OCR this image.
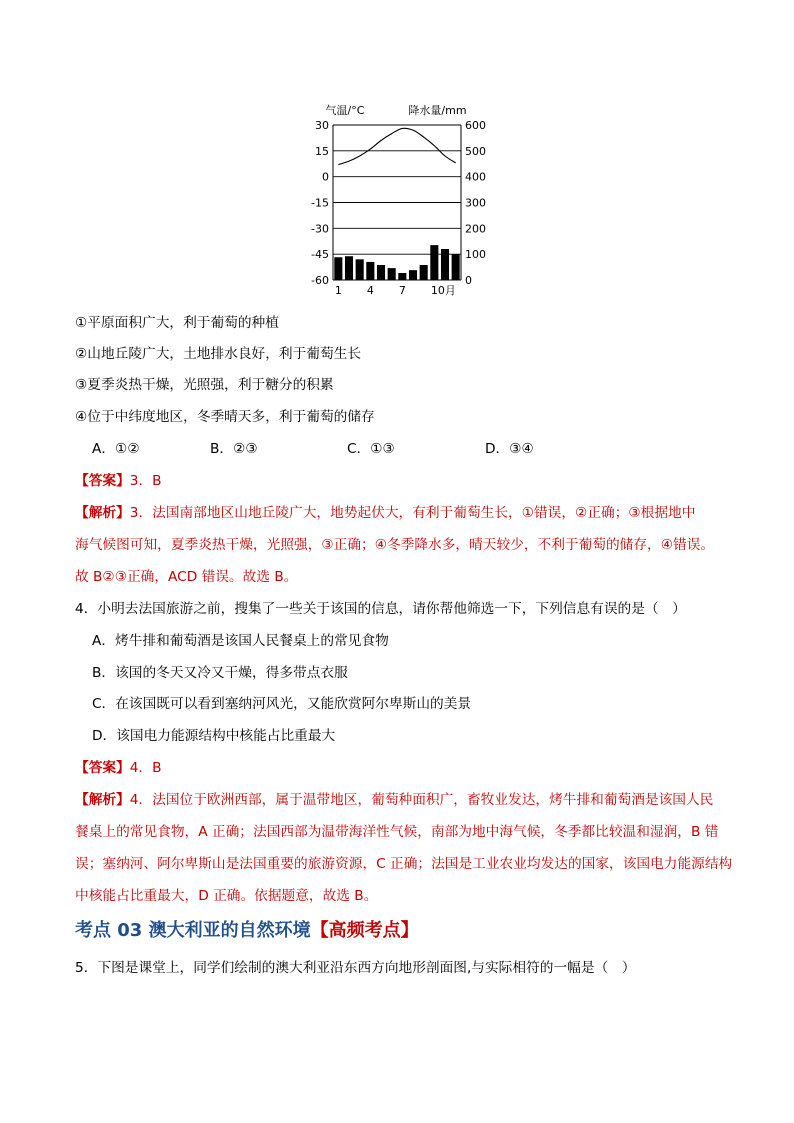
30
15
0
-15
-30
-45
-60
600
500
400
300
200
100
0
1 4 7 10月
气温/°C	降水量/mm
①平原面积广大，利于葡萄的种植
②山地丘陵广大，土地排水良好，利于葡萄生长
③夏季炎热干燥，光照强，利于糖分的积累
④位于中纬度地区，冬季晴天多，利于葡萄的储存
A．①②	B．②③	C．①③	D．③④
【答案】3．B
【解析】3．法国南部地区山地丘陵广大，地势起伏大，有利于葡萄生长，①错误，②正确；③根据地中
海气候图可知，夏季炎热干燥，光照强，③正确；④冬季降水多，晴天较少，不利于葡萄的储存，④错误。
故 B②③正确，ACD 错误。故选 B。
4．小明去法国旅游之前，搜集了一些关于该国的信息，请你帮他筛选一下，下列信息有误的是（　）
A．烤牛排和葡萄酒是该国人民餐桌上的常见食物
B．该国的冬天又冷又干燥，得多带点衣服
C．在该国既可以看到塞纳河风光，又能欣赏阿尔卑斯山的美景
D．该国电力能源结构中核能占比重最大
【答案】4．B
【解析】4．法国位于欧洲西部，属于温带地区，葡萄种面积广，畜牧业发达，烤牛排和葡萄酒是该国人民
餐桌上的常见食物，A 正确；法国西部为温带海洋性气候，南部为地中海气候，冬季都比较温和湿润，B 错
误；塞纳河、阿尔卑斯山是法国重要的旅游资源，C 正确；法国是工业农业均发达的国家，该国电力能源结构
中核能占比重最大，D 正确。依据题意，故选 B。
考点 03 澳大利亚的自然环境【高频考点】
5．下图是课堂上，同学们绘制的澳大利亚沿东西方向地形剖面图,与实际相符的一幅是（　）
